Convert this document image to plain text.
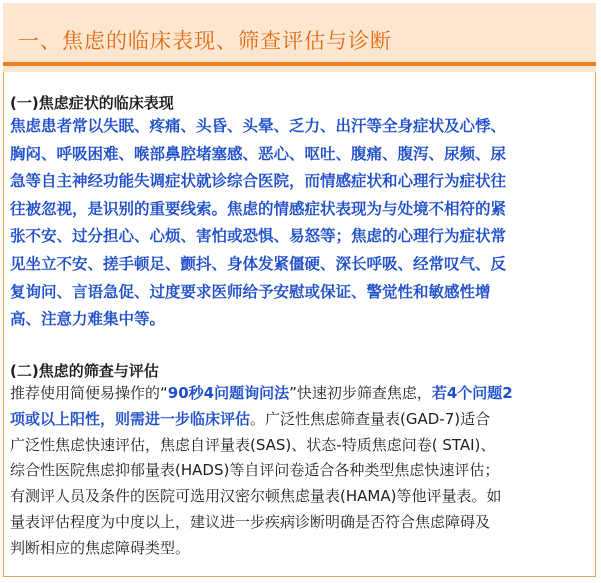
一、焦虑的临床表现、筛查评估与诊断
(一)焦虑症状的临床表现
焦虑患者常以失眠、疼痛、头昏、头晕、乏力、出汗等全身症状及心悸、
胸闷、呼吸困难、喉部鼻腔堵塞感、恶心、呕吐、腹痛、腹泻、尿频、尿
急等自主神经功能失调症状就诊综合医院，而情感症状和心理行为症状往
往被忽视，是识别的重要线索。焦虑的情感症状表现为与处境不相符的紧
张不安、过分担心、心烦、害怕或恐惧、易怒等；焦虑的心理行为症状常
见坐立不安、搓手顿足、颤抖、身体发紧僵硬、深长呼吸、经常叹气、反
复询问、言语急促、过度要求医师给予安慰或保证、警觉性和敏感性增
高、注意力难集中等。
(二)焦虑的筛查与评估
推荐使用简便易操作的“90秒4问题询问法”快速初步筛查焦虑，若4个问题2
项或以上阳性，则需进一步临床评估。广泛性焦虑筛查量表(GAD-7)适合
广泛性焦虑快速评估，焦虑自评量表(SAS)、状态-特质焦虑问卷( STAI)、
综合性医院焦虑抑郁量表(HADS)等自评问卷适合各种类型焦虑快速评估；
有测评人员及条件的医院可选用汉密尔顿焦虑量表(HAMA)等他评量表。如
量表评估程度为中度以上，建议进一步疾病诊断明确是否符合焦虑障碍及
判断相应的焦虑障碍类型。
